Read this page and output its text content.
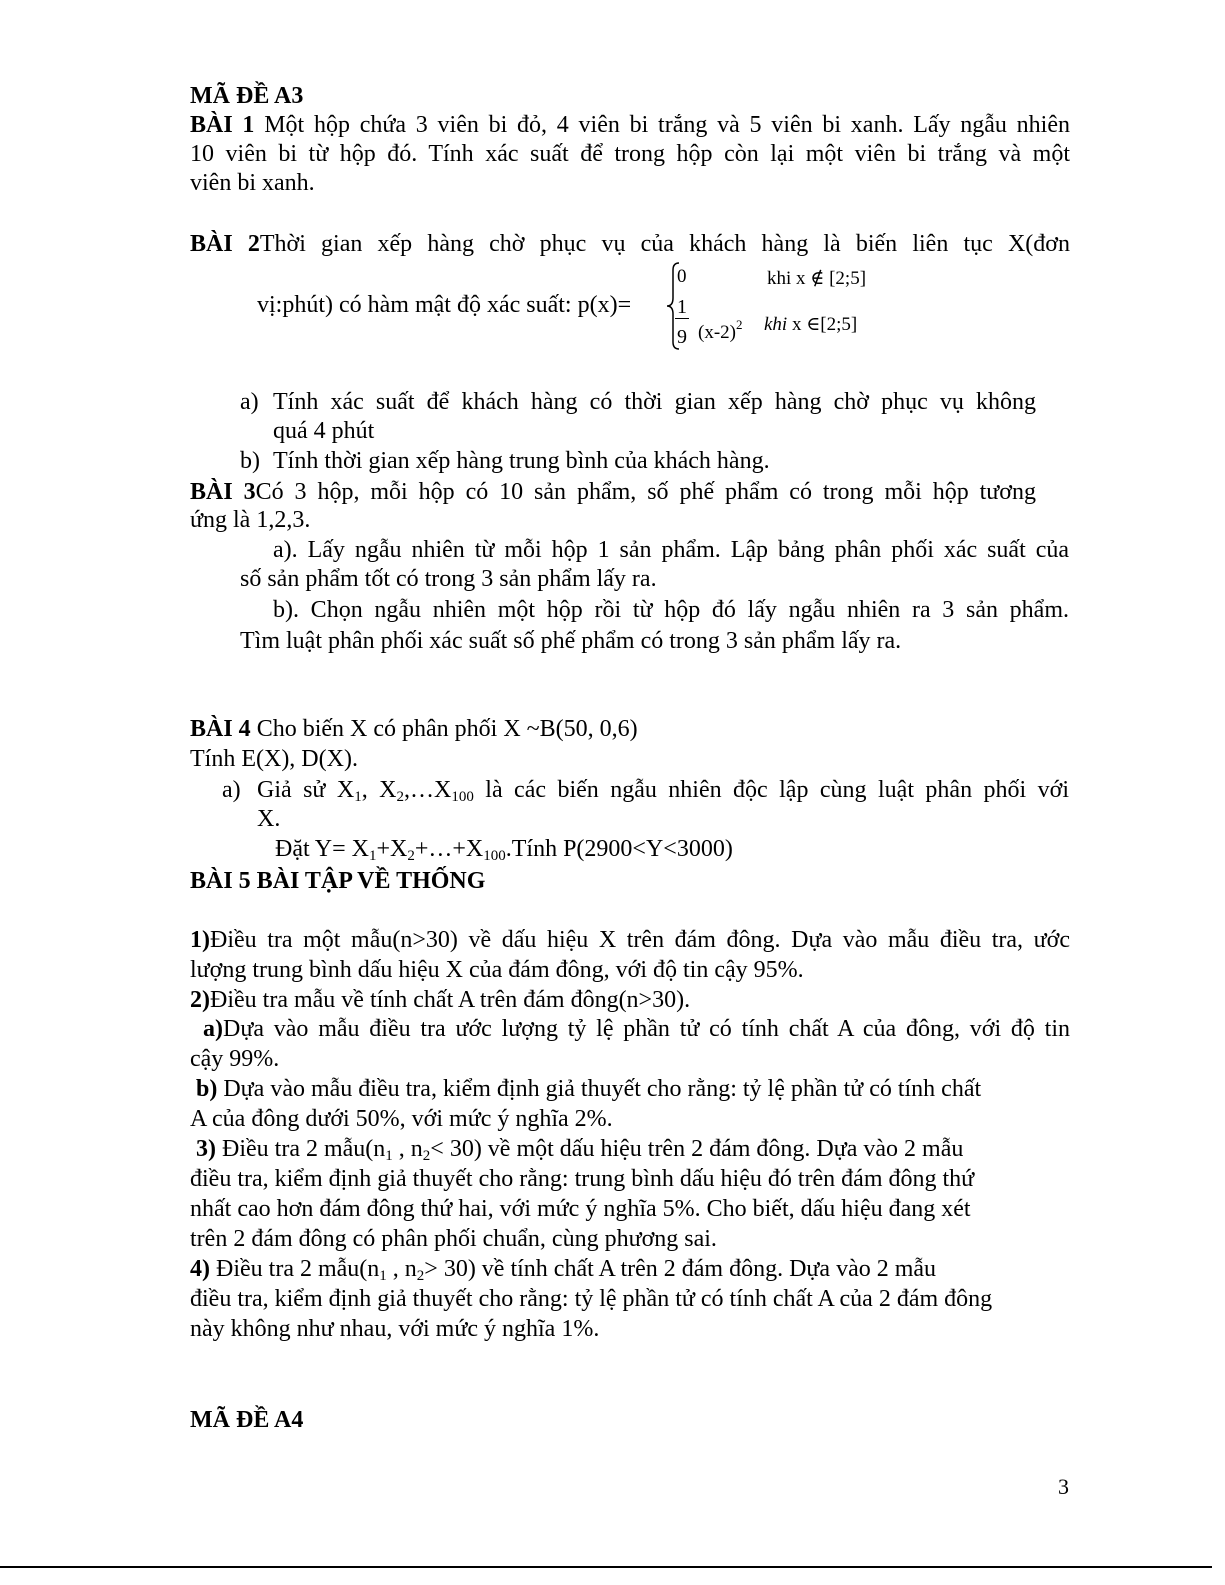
MÃ ĐỀ A3
BÀI 1 Một hộp chứa 3 viên bi đỏ, 4 viên bi trắng và 5 viên bi xanh. Lấy ngẫu nhiên
10 viên bi từ hộp đó. Tính xác suất để trong hộp còn lại một viên bi trắng và một
viên bi xanh.
BÀI 2Thời gian xếp hàng chờ phục vụ của khách hàng là biến liên tục X(đơn
vị:phút) có hàm mật độ xác suất: p(x)=
0	khi x ∉ [2;5]
1
9 $(x-2)^2$ khi x ∈[2;5]
a) Tính xác suất để khách hàng có thời gian xếp hàng chờ phục vụ không
quá 4 phút
b) Tính thời gian xếp hàng trung bình của khách hàng.
BÀI 3Có 3 hộp, mỗi hộp có 10 sản phẩm, số phế phẩm có trong mỗi hộp tương
ứng là 1,2,3.
a). Lấy ngẫu nhiên từ mỗi hộp 1 sản phẩm. Lập bảng phân phối xác suất của
số sản phẩm tốt có trong 3 sản phẩm lấy ra.
b). Chọn ngẫu nhiên một hộp rồi từ hộp đó lấy ngẫu nhiên ra 3 sản phẩm.
Tìm luật phân phối xác suất số phế phẩm có trong 3 sản phẩm lấy ra.
BÀI 4 Cho biến X có phân phối X ~B(50, 0,6)
Tính E(X), D(X).
a) Giả sử $X_1$, $X_2,\dots X_{100}$ là các biến ngẫu nhiên độc lập cùng luật phân phối với
X.
Đặt $Y= X_1+X_2+\dots+X_{100}.Tính$ P(2900<Y<3000)
BÀI 5 BÀI TẬP VỀ THỐNG
1)Điều tra một mẫu(n>30) về dấu hiệu X trên đám đông. Dựa vào mẫu điều tra, ước
lượng trung bình dấu hiệu X của đám đông, với độ tin cậy 95%.
2)Điều tra mẫu về tính chất A trên đám đông(n>30).
a)Dựa vào mẫu điều tra ước lượng tỷ lệ phần tử có tính chất A của đông, với độ tin
cậy 99%.
b) Dựa vào mẫu điều tra, kiểm định giả thuyết cho rằng: tỷ lệ phần tử có tính chất
A của đông dưới 50%, với mức ý nghĩa 2%.
3) Điều tra 2 $mẫu(n_1$ , $n_2< 30$) về một dấu hiệu trên 2 đám đông. Dựa vào 2 mẫu
điều tra, kiểm định giả thuyết cho rằng: trung bình dấu hiệu đó trên đám đông thứ
nhất cao hơn đám đông thứ hai, với mức ý nghĩa 5%. Cho biết, dấu hiệu đang xét
trên 2 đám đông có phân phối chuẩn, cùng phương sai.
4) Điều tra 2 $mẫu(n_1$ , $n_2> 30$) về tính chất A trên 2 đám đông. Dựa vào 2 mẫu
điều tra, kiểm định giả thuyết cho rằng: tỷ lệ phần tử có tính chất A của 2 đám đông
này không như nhau, với mức ý nghĩa 1%.
MÃ ĐỀ A4
3
